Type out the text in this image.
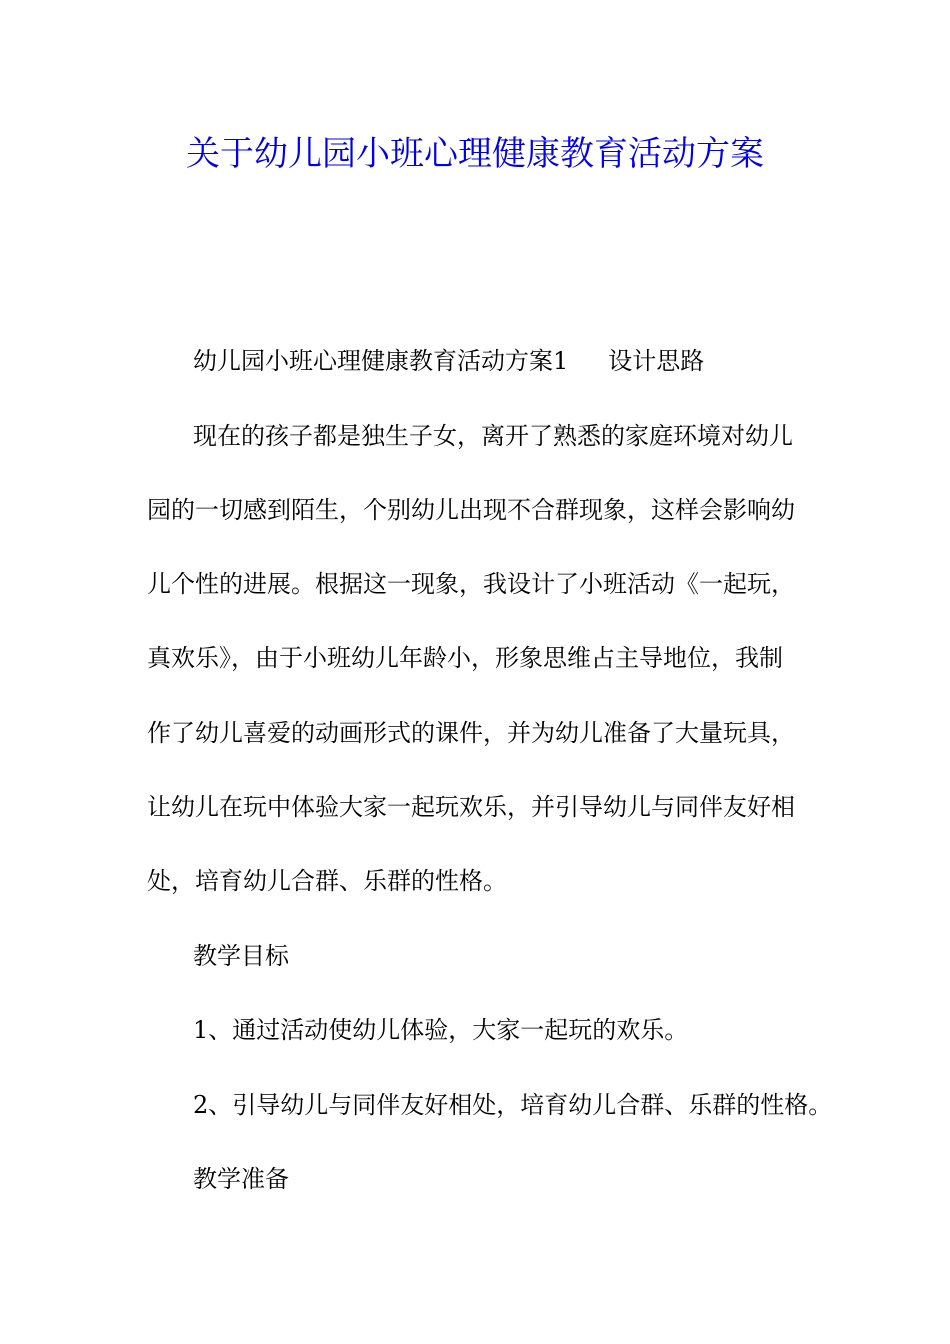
关于幼儿园小班心理健康教育活动方案

幼儿园小班心理健康教育活动方案1 设计思路

现在的孩子都是独生子女，离开了熟悉的家庭环境对幼儿

园的一切感到陌生，个别幼儿出现不合群现象，这样会影响幼

儿个性的进展。根据这一现象，我设计了小班活动《一起玩，

真欢乐》，由于小班幼儿年龄小，形象思维占主导地位，我制

作了幼儿喜爱的动画形式的课件，并为幼儿准备了大量玩具，

让幼儿在玩中体验大家一起玩欢乐，并引导幼儿与同伴友好相

处，培育幼儿合群、乐群的性格。

教学目标

1、通过活动使幼儿体验，大家一起玩的欢乐。

2、引导幼儿与同伴友好相处，培育幼儿合群、乐群的性格。

教学准备
